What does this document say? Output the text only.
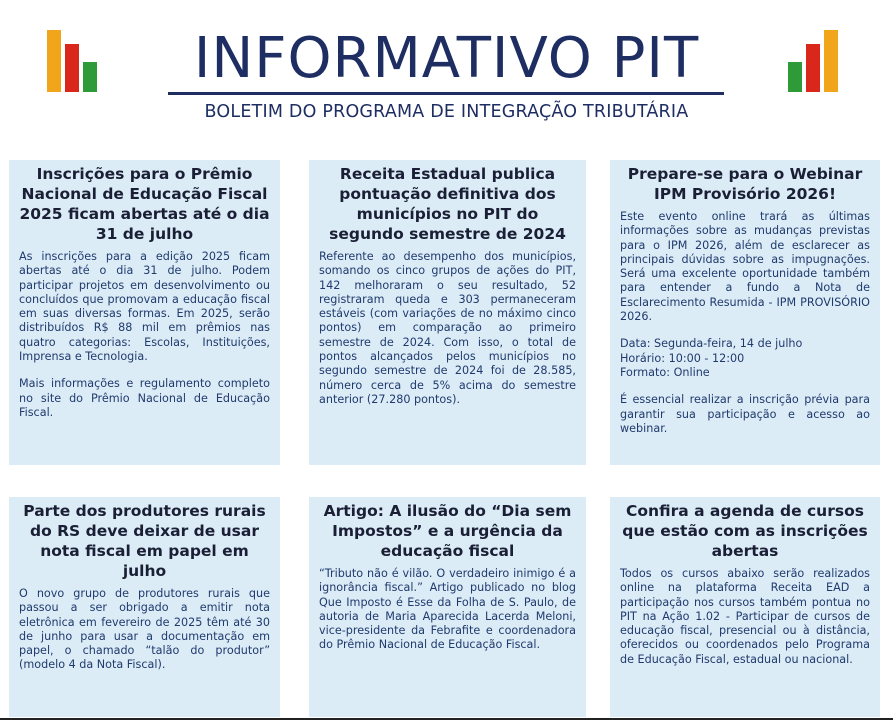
INFORMATIVO PIT
BOLETIM DO PROGRAMA DE INTEGRAÇÃO TRIBUTÁRIA
Inscrições para o Prêmio Nacional de Educação Fiscal 2025 ficam abertas até o dia 31 de julho

As inscrições para a edição 2025 ficam abertas até o dia 31 de julho. Podem participar projetos em desenvolvimento ou concluídos que promovam a educação fiscal em suas diversas formas. Em 2025, serão distribuídos R$ 88 mil em prêmios nas quatro categorias: Escolas, Instituições, Imprensa e Tecnologia.

Mais informações e regulamento completo no site do Prêmio Nacional de Educação Fiscal.

Receita Estadual publica pontuação definitiva dos municípios no PIT do segundo semestre de 2024

Referente ao desempenho dos municípios, somando os cinco grupos de ações do PIT, 142 melhoraram o seu resultado, 52 registraram queda e 303 permaneceram estáveis (com variações de no máximo cinco pontos) em comparação ao primeiro semestre de 2024. Com isso, o total de pontos alcançados pelos municípios no segundo semestre de 2024 foi de 28.585, número cerca de 5% acima do semestre anterior (27.280 pontos).

Prepare-se para o Webinar IPM Provisório 2026!

Este evento online trará as últimas informações sobre as mudanças previstas para o IPM 2026, além de esclarecer as principais dúvidas sobre as impugnações. Será uma excelente oportunidade também para entender a fundo a Nota de Esclarecimento Resumida - IPM PROVISÓRIO 2026.

Data: Segunda-feira, 14 de julho

Horário: 10:00 - 12:00

Formato: Online

É essencial realizar a inscrição prévia para garantir sua participação e acesso ao webinar.

Parte dos produtores rurais do RS deve deixar de usar nota fiscal em papel em julho

O novo grupo de produtores rurais que passou a ser obrigado a emitir nota eletrônica em fevereiro de 2025 têm até 30 de junho para usar a documentação em papel, o chamado “talão do produtor” (modelo 4 da Nota Fiscal).

Artigo: A ilusão do “Dia sem Impostos” e a urgência da educação fiscal

“Tributo não é vilão. O verdadeiro inimigo é a ignorância fiscal.” Artigo publicado no blog Que Imposto é Esse da Folha de S. Paulo, de autoria de Maria Aparecida Lacerda Meloni, vice-presidente da Febrafite e coordenadora do Prêmio Nacional de Educação Fiscal.

Confira a agenda de cursos que estão com as inscrições abertas

Todos os cursos abaixo serão realizados online na plataforma Receita EAD a participação nos cursos também pontua no PIT na Ação 1.02 - Participar de cursos de educação fiscal, presencial ou à distância, oferecidos ou coordenados pelo Programa de Educação Fiscal, estadual ou nacional.
